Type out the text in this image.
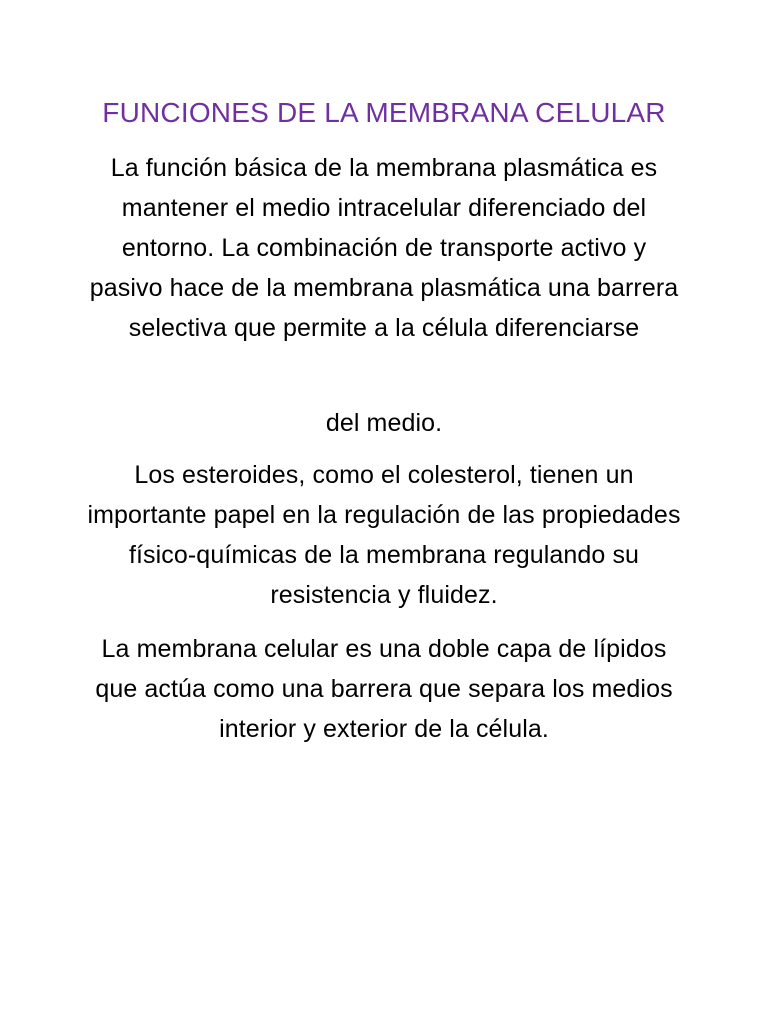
FUNCIONES DE LA MEMBRANA CELULAR
La función básica de la membrana plasmática es mantener el medio intracelular diferenciado del entorno. La combinación de transporte activo y pasivo hace de la membrana plasmática una barrera selectiva que permite a la célula diferenciarse
del medio.
Los esteroides, como el colesterol, tienen un importante papel en la regulación de las propiedades físico-químicas de la membrana regulando su resistencia y fluidez.
La membrana celular es una doble capa de lípidos que actúa como una barrera que separa los medios interior y exterior de la célula.
